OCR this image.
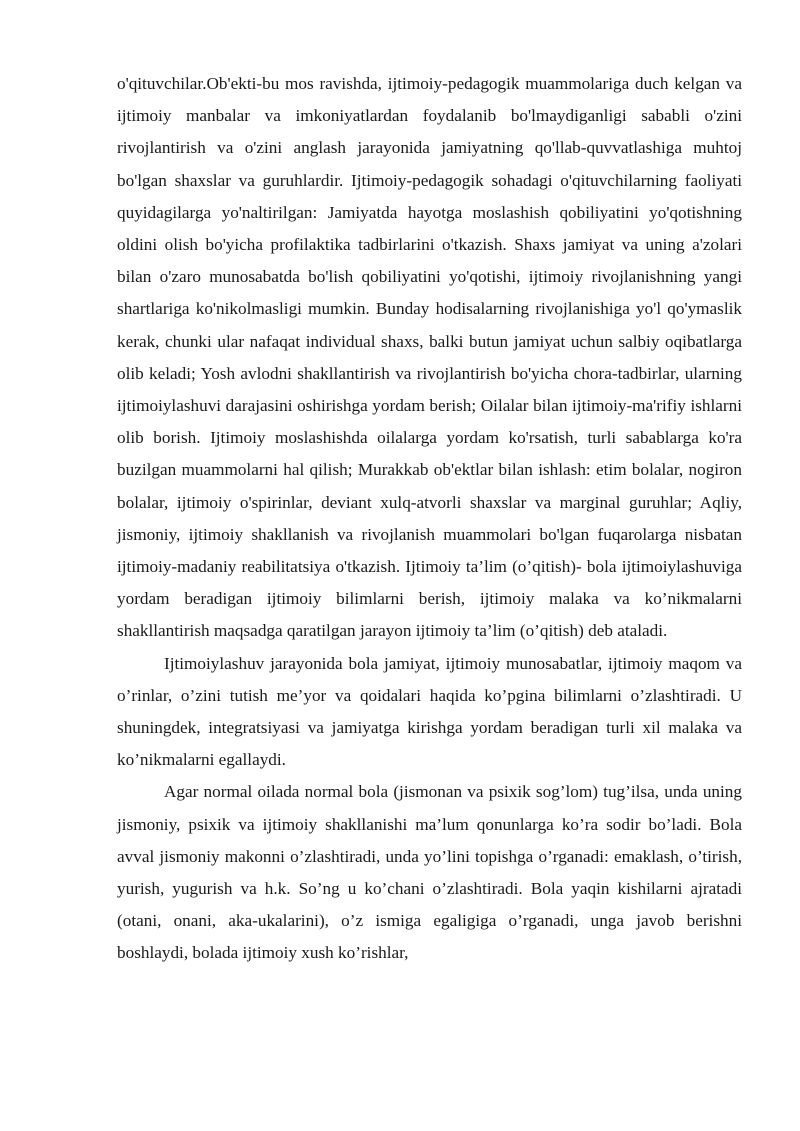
o'qituvchilar.Ob'ekti-bu mos ravishda, ijtimoiy-pedagogik muammolariga duch kelgan va ijtimoiy manbalar va imkoniyatlardan foydalanib bo'lmaydiganligi sababli o'zini rivojlantirish va o'zini anglash jarayonida jamiyatning qo'llab-quvvatlashiga muhtoj bo'lgan shaxslar va guruhlardir. Ijtimoiy-pedagogik sohadagi o'qituvchilarning faoliyati quyidagilarga yo'naltirilgan: Jamiyatda hayotga moslashish qobiliyatini yo'qotishning oldini olish bo'yicha profilaktika tadbirlarini o'tkazish. Shaxs jamiyat va uning a'zolari bilan o'zaro munosabatda bo'lish qobiliyatini yo'qotishi, ijtimoiy rivojlanishning yangi shartlariga ko'nikolmasligi mumkin. Bunday hodisalarning rivojlanishiga yo'l qo'ymaslik kerak, chunki ular nafaqat individual shaxs, balki butun jamiyat uchun salbiy oqibatlarga olib keladi; Yosh avlodni shakllantirish va rivojlantirish bo'yicha chora-tadbirlar, ularning ijtimoiylashuvi darajasini oshirishga yordam berish; Oilalar bilan ijtimoiy-ma'rifiy ishlarni olib borish. Ijtimoiy moslashishda oilalarga yordam ko'rsatish, turli sabablarga ko'ra buzilgan muammolarni hal qilish; Murakkab ob'ektlar bilan ishlash: etim bolalar, nogiron bolalar, ijtimoiy o'spirinlar, deviant xulq-atvorli shaxslar va marginal guruhlar; Aqliy, jismoniy, ijtimoiy shakllanish va rivojlanish muammolari bo'lgan fuqarolarga nisbatan ijtimoiy-madaniy reabilitatsiya o'tkazish. Ijtimoiy ta’lim (o’qitish)- bola ijtimoiylashuviga yordam beradigan ijtimoiy bilimlarni berish, ijtimoiy malaka va ko’nikmalarni shakllantirish maqsadga qaratilgan jarayon ijtimoiy ta’lim (o’qitish) deb ataladi.

Ijtimoiylashuv jarayonida bola jamiyat, ijtimoiy munosabatlar, ijtimoiy maqom va o’rinlar, o’zini tutish me’yor va qoidalari haqida ko’pgina bilimlarni o’zlashtiradi. U shuningdek, integratsiyasi va jamiyatga kirishga yordam beradigan turli xil malaka va ko’nikmalarni egallaydi.

Agar normal oilada normal bola (jismonan va psixik sog’lom) tug’ilsa, unda uning jismoniy, psixik va ijtimoiy shakllanishi ma’lum qonunlarga ko’ra sodir bo’ladi. Bola avval jismoniy makonni o’zlashtiradi, unda yo’lini topishga o’rganadi: emaklash, o’tirish, yurish, yugurish va h.k. So’ng u ko’chani o’zlashtiradi. Bola yaqin kishilarni ajratadi (otani, onani, aka-ukalarini), o’z ismiga egaligiga o’rganadi, unga javob berishni boshlaydi, bolada ijtimoiy xush ko’rishlar,
